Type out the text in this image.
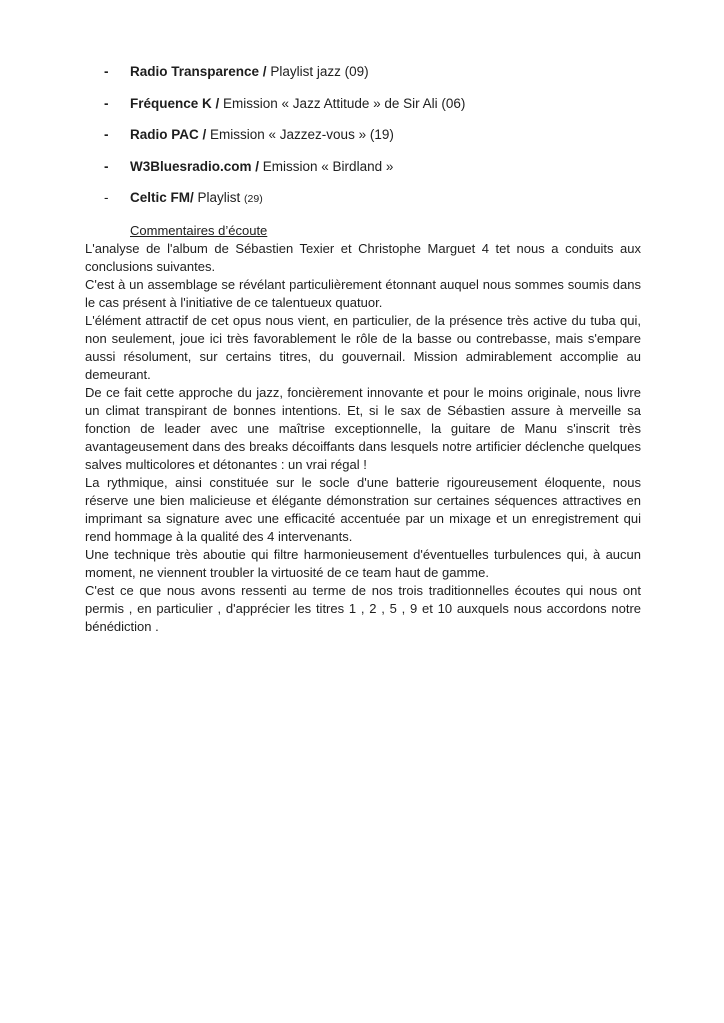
-	Radio Transparence / Playlist jazz (09)
-	Fréquence K / Emission « Jazz Attitude » de Sir Ali (06)
-	Radio PAC / Emission « Jazzez-vous » (19)
-	W3Bluesradio.com / Emission « Birdland »
-	Celtic FM/ Playlist (29)
Commentaires d’écoute

L'analyse de l'album de Sébastien Texier et Christophe Marguet 4 tet nous a conduits aux conclusions suivantes.

C'est à un assemblage se révélant particulièrement étonnant auquel nous sommes soumis dans le cas présent à l'initiative de ce talentueux quatuor.

L'élément attractif de cet opus nous vient, en particulier, de la présence très active du tuba qui, non seulement, joue ici très favorablement le rôle de la basse ou contrebasse, mais s'empare aussi résolument, sur certains titres, du gouvernail. Mission admirablement accomplie au demeurant.

De ce fait cette approche du jazz, foncièrement innovante et pour le moins originale, nous livre un climat transpirant de bonnes intentions. Et, si le sax de Sébastien assure à merveille sa fonction de leader avec une maîtrise exceptionnelle, la guitare de Manu s'inscrit très avantageusement dans des breaks décoiffants dans lesquels notre artificier déclenche quelques salves multicolores et détonantes : un vrai régal !

La rythmique, ainsi constituée sur le socle d'une batterie rigoureusement éloquente, nous réserve une bien malicieuse et élégante démonstration sur certaines séquences attractives en imprimant sa signature avec une efficacité accentuée par un mixage et un enregistrement qui rend hommage à la qualité des 4 intervenants.

Une technique très aboutie qui filtre harmonieusement d'éventuelles turbulences qui, à aucun moment, ne viennent troubler la virtuosité de ce team haut de gamme.

C'est ce que nous avons ressenti au terme de nos trois traditionnelles écoutes qui nous ont permis , en particulier , d'apprécier les titres 1 , 2 , 5 , 9 et 10 auxquels nous accordons notre bénédiction .
